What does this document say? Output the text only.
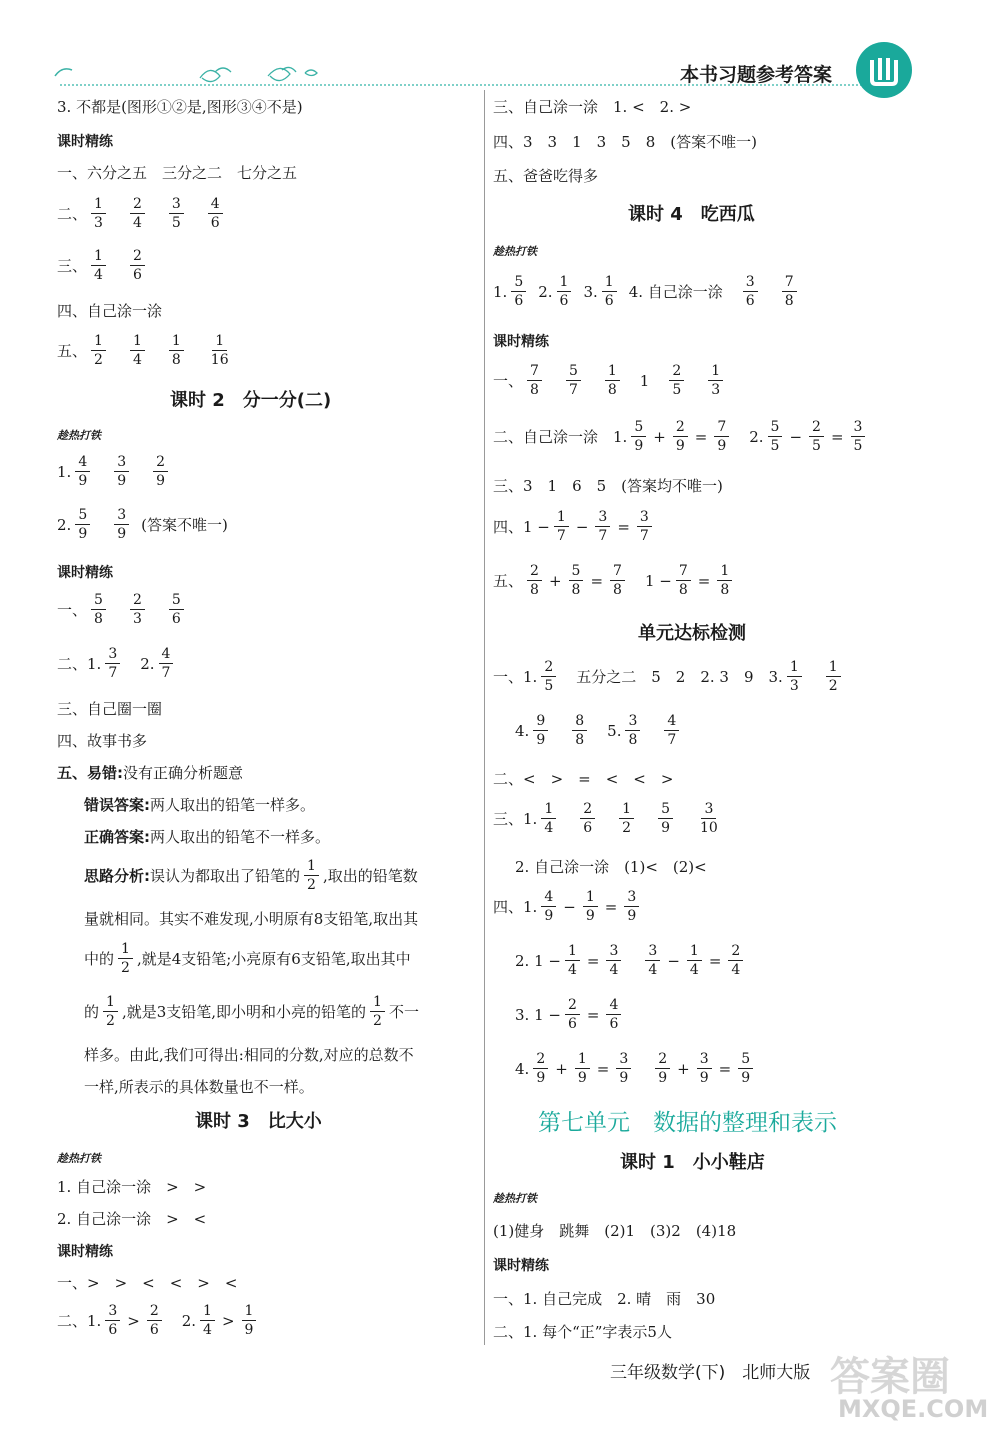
本书习题参考答案
3. 不都是(图形①②是,图形③④不是)
课时精练
一、六分之五　三分之二　七分之五
二、 $\frac{1}{3} \frac{2}{4} \frac{3}{5} \frac{4}{6}$
三、 $\frac{1}{4} \frac{2}{6}$
四、自己涂一涂
五、 $\frac{1}{2} \frac{1}{4} \frac{1}{8} \frac{1}{16}$
课时 2　分一分(二)
趁热打铁
1. $\frac{4}{9} \frac{3}{9} \frac{2}{9}$
2. $\frac{5}{9} \frac{3}{9}$ (答案不唯一)
课时精练
一、 $\frac{5}{8} \frac{2}{3} \frac{5}{6}$
二、1. $\frac{3}{7} 2$. $\frac{4}{7}$
三、自己圈一圈
四、故事书多
五、易错: 没有正确分析题意
错误答案: 两人取出的铅笔一样多。
正确答案: 两人取出的铅笔不一样多。
思路分析: 误认为都取出了铅笔的 $\frac{1}{2}$ ,取出的铅笔数
量就相同。其实不难发现,小明原有8支铅笔,取出其
中的 $\frac{1}{2}$ ,就是4支铅笔;小亮原有6支铅笔,取出其中
的 $\frac{1}{2}$ ,就是3支铅笔,即小明和小亮的铅笔的 $\frac{1}{2}$ 不一
样多。由此,我们可得出:相同的分数,对应的总数不
一样,所表示的具体数量也不一样。
课时 3　比大小
趁热打铁
1. 自己涂一涂　>　>
2. 自己涂一涂　>　<
课时精练
一、>　>　<　<　>　<
二、1. $\frac{3}{6} > \frac{2}{6} 2$. $\frac{1}{4} > \frac{1}{9}$
三、自己涂一涂　1. <　2. >
四、3　3　1　3　5　8　(答案不唯一)
五、爸爸吃得多
课时 4　吃西瓜
趁热打铁
1. $\frac{5}{6} 2$. $\frac{1}{6} 3$. $\frac{1}{6} 4$. 自己涂一涂 $\frac{3}{6} \frac{7}{8}$
课时精练
一、 $\frac{7}{8} \frac{5}{7} \frac{1}{8} 1 \frac{2}{5} \frac{1}{3}$
二、自己涂一涂　1. $\frac{5}{9} + \frac{2}{9} = \frac{7}{9} 2$. $\frac{5}{5} - \frac{2}{5} = \frac{3}{5}$
三、3　1　6　5　(答案均不唯一)
四、$1 - \frac{1}{7} - \frac{3}{7} = \frac{3}{7}$
五、 $\frac{2}{8} + \frac{5}{8} = \frac{7}{8} 1 - \frac{7}{8} = \frac{1}{8}$
单元达标检测
一、1. $\frac{2}{5}$ 五分之二　5　2　2. 3　9　3. $\frac{1}{3} \frac{1}{2}$
4. $\frac{9}{9} \frac{8}{8} 5$. $\frac{3}{8} \frac{4}{7}$
二、<　>　=　<　<　>
三、1. $\frac{1}{4} \frac{2}{6} \frac{1}{2} \frac{5}{9} \frac{3}{10}$
2. 自己涂一涂　(1)<　(2)<
四、1. $\frac{4}{9} - \frac{1}{9} = \frac{3}{9}$
2. $1 - \frac{1}{4} = \frac{3}{4} \frac{3}{4} - \frac{1}{4} = \frac{2}{4}$
3. $1 - \frac{2}{6} = \frac{4}{6}$
4. $\frac{2}{9} + \frac{1}{9} = \frac{3}{9} \frac{2}{9} + \frac{3}{9} = \frac{5}{9}$
第七单元　数据的整理和表示
课时 1　小小鞋店
趁热打铁
(1)健身　跳舞　(2)1　(3)2　(4)18
课时精练
一、1. 自己完成　2. 晴　雨　30
二、1. 每个“正”字表示5人
三年级数学(下)　北师大版 答案圈
MXQE.COM
